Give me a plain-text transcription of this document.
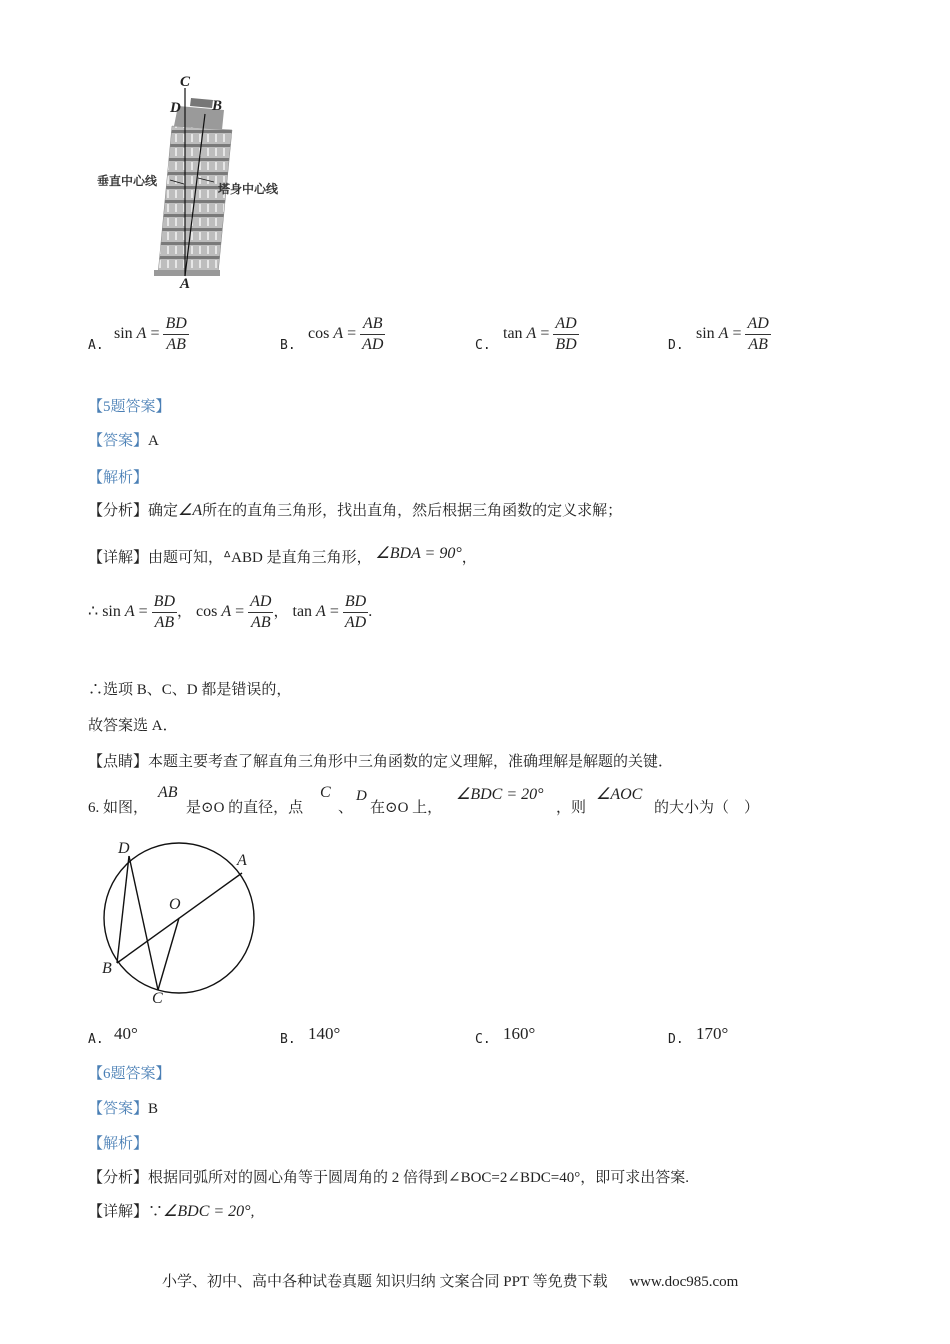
C
D B
A
垂直中心线
塔身中心线
A.
$\sin A = \frac{BD}{AB}$	B.
$\cos A = \frac{AB}{AD}$	C.
$\tan A = \frac{AD}{BD}$	D.
$\sin A = \frac{AD}{AB}$
【5题答案】
【答案】A
【解析】
【分析】确定∠A所在的直角三角形，找出直角，然后根据三角函数的定义求解；
【详解】由题可知，ᐞABD 是直角三角形， ∠BDA = 90°，
∴ $\sin A = \frac{BD}{AB}$ ， $\cos A = \frac{AD}{AB}$ ， $\tan A = \frac{BD}{AD}$ .
∴选项 B、C、D 都是错误的，
故答案选 A．
【点睛】本题主要考查了解直角三角形中三角函数的定义理解，准确理解是解题的关键．
6. 如图，
AB
是⊙O 的直径，点
C
、
D
在⊙O 上，
∠BDC = 20°
，则
∠AOC
的大小为（　）
D
A
O
B
C
A. 40°	B. 140°	C. 160°	D. 170°
【6题答案】
【答案】B
【解析】
【分析】根据同弧所对的圆心角等于圆周角的 2 倍得到∠BOC=2∠BDC=40°，即可求出答案.
【详解】∵∠BDC = 20°,
小学、初中、高中各种试卷真题 知识归纳 文案合同 PPT 等免费下载 www.doc985.com
